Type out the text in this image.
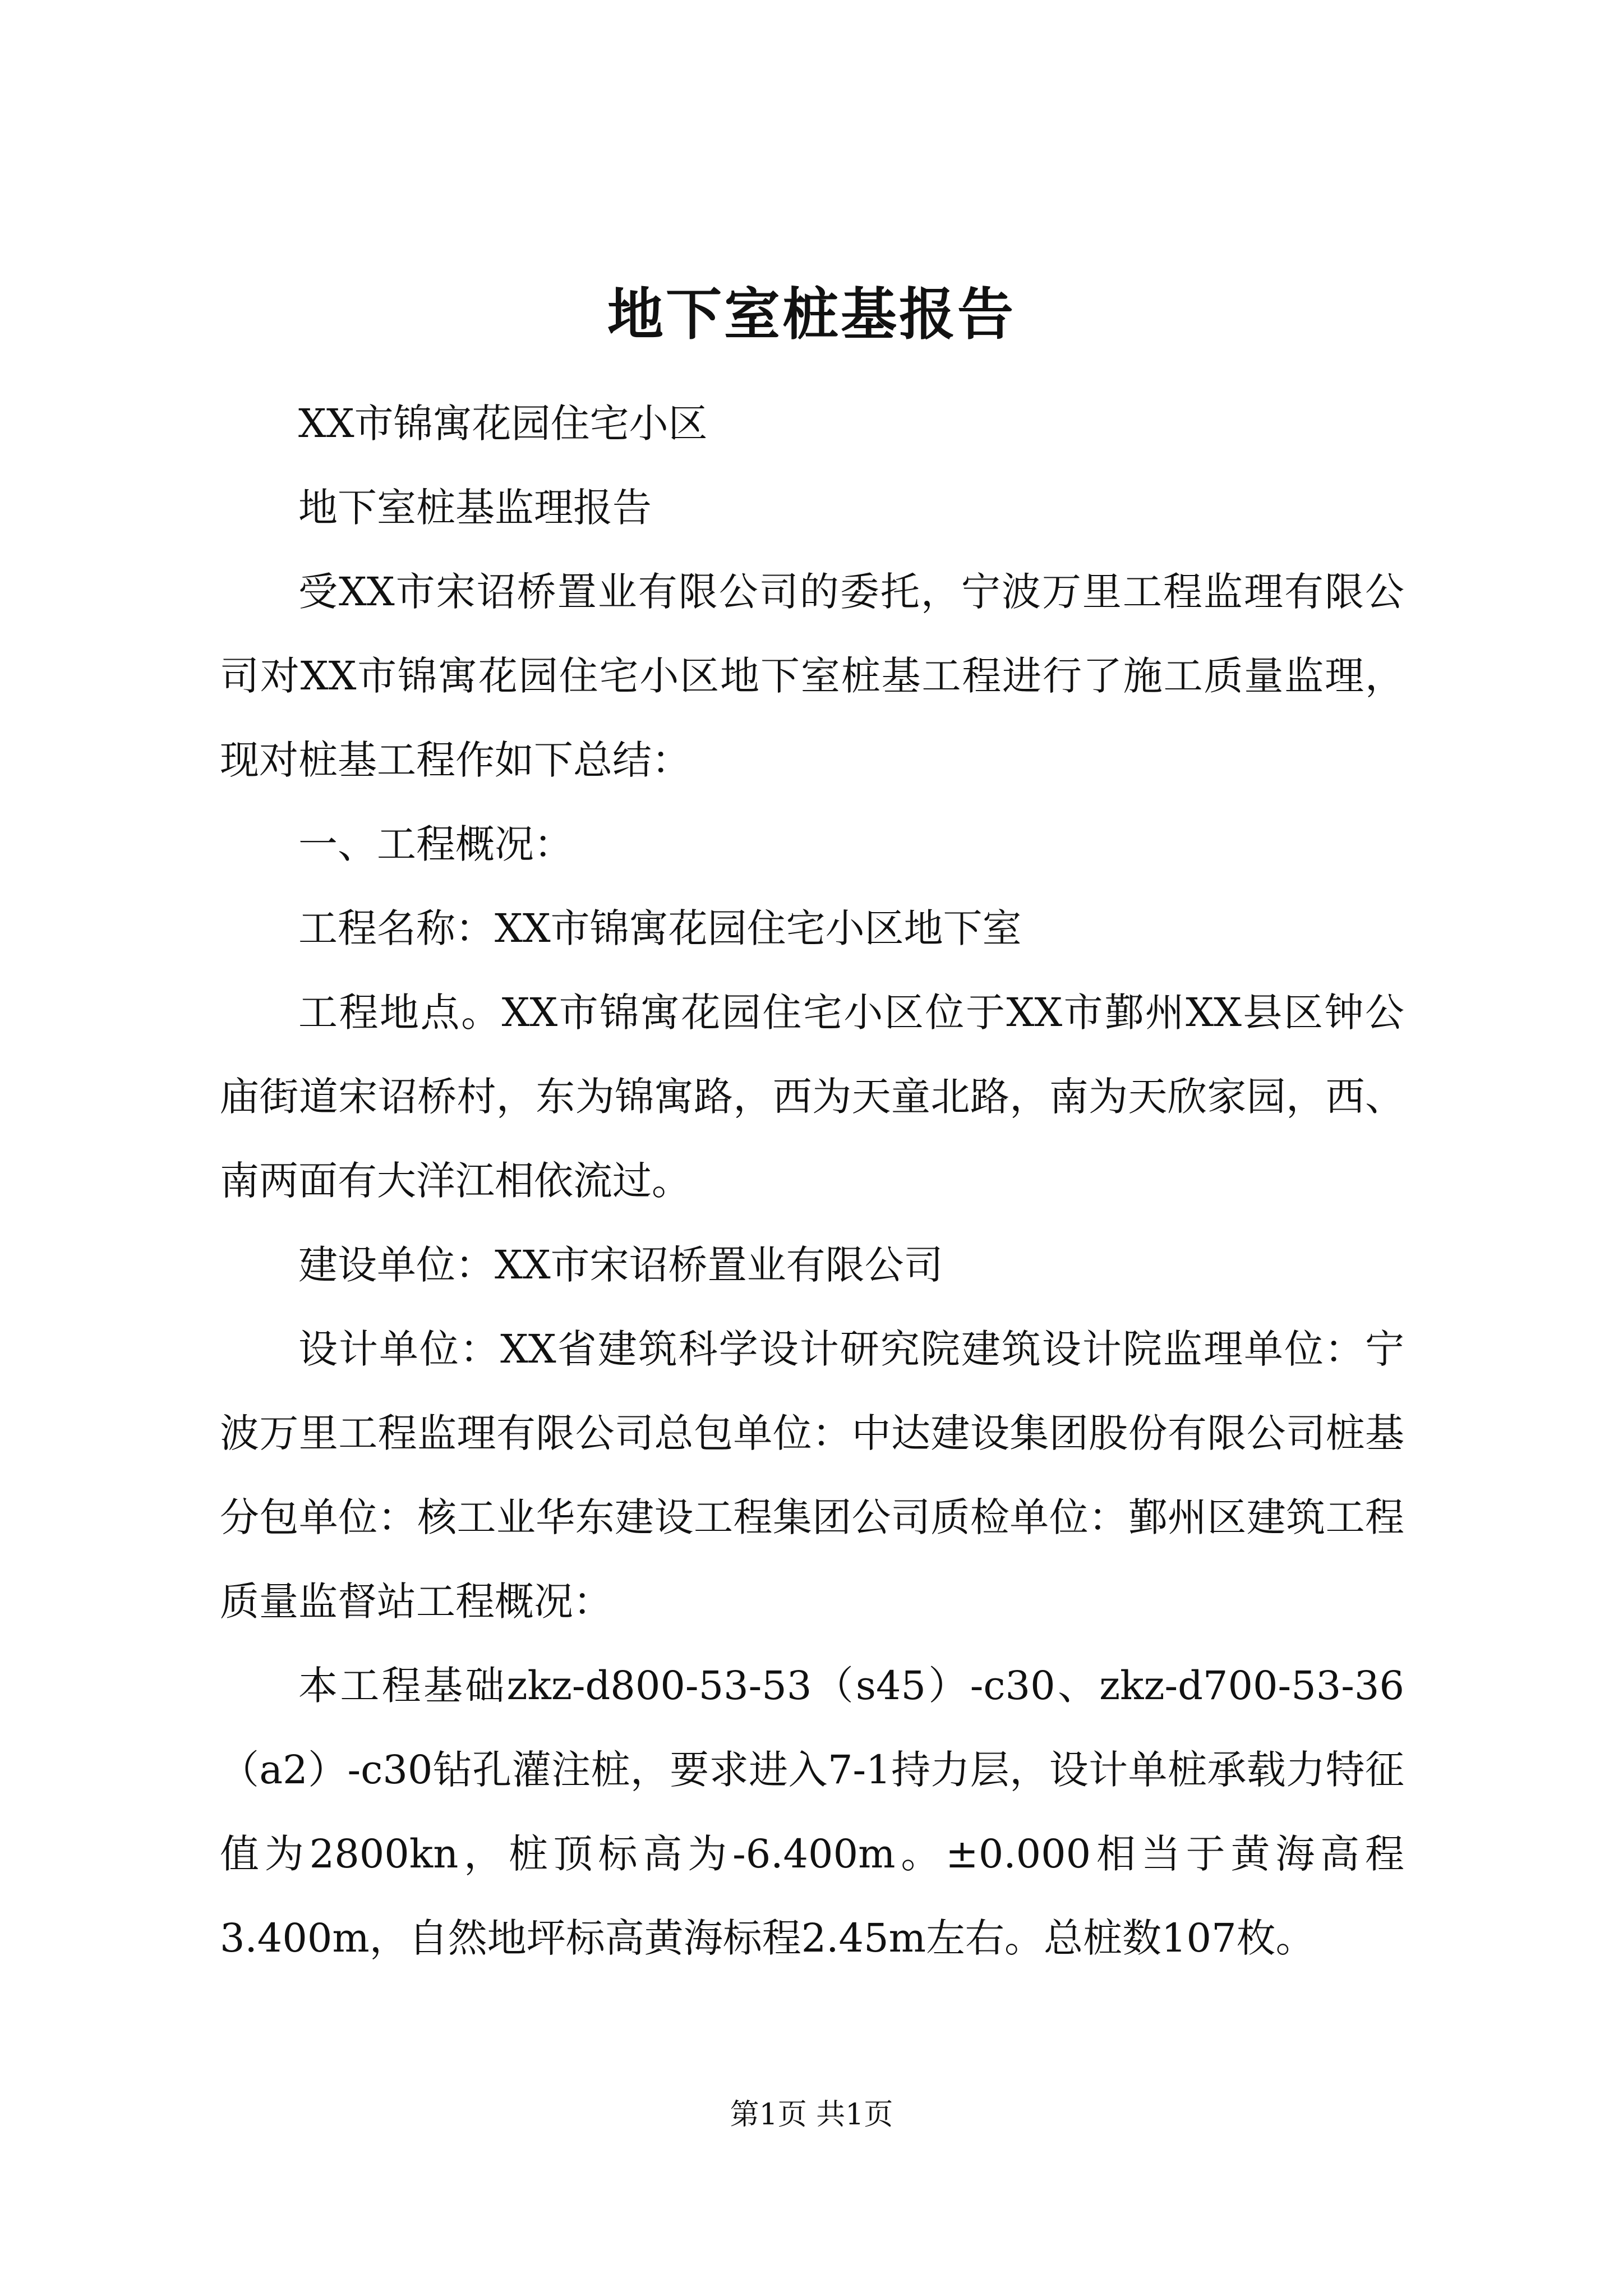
地下室桩基报告

XX市锦寓花园住宅小区

地下室桩基监理报告

受XX市宋诏桥置业有限公司的委托，宁波万里工程监理有限公司对XX市锦寓花园住宅小区地下室桩基工程进行了施工质量监理，现对桩基工程作如下总结：

一、工程概况：

工程名称：XX市锦寓花园住宅小区地下室

工程地点。XX市锦寓花园住宅小区位于XX市鄞州XX县区钟公庙街道宋诏桥村，东为锦寓路，西为天童北路，南为天欣家园，西、南两面有大洋江相依流过。

建设单位：XX市宋诏桥置业有限公司

设计单位：XX省建筑科学设计研究院建筑设计院监理单位：宁波万里工程监理有限公司总包单位：中达建设集团股份有限公司桩基分包单位：核工业华东建设工程集团公司质检单位：鄞州区建筑工程质量监督站工程概况：

本工程基础zkz-d800-53-53（s45）-c30、zkz-d700-53-36（a2）-c30钻孔灌注桩，要求进入7-1持力层，设计单桩承载力特征值为2800kn，桩顶标高为-6.400m。±0.000相当于黄海高程3.400m，自然地坪标高黄海标程2.45m左右。总桩数107枚。

第1页 共1页
